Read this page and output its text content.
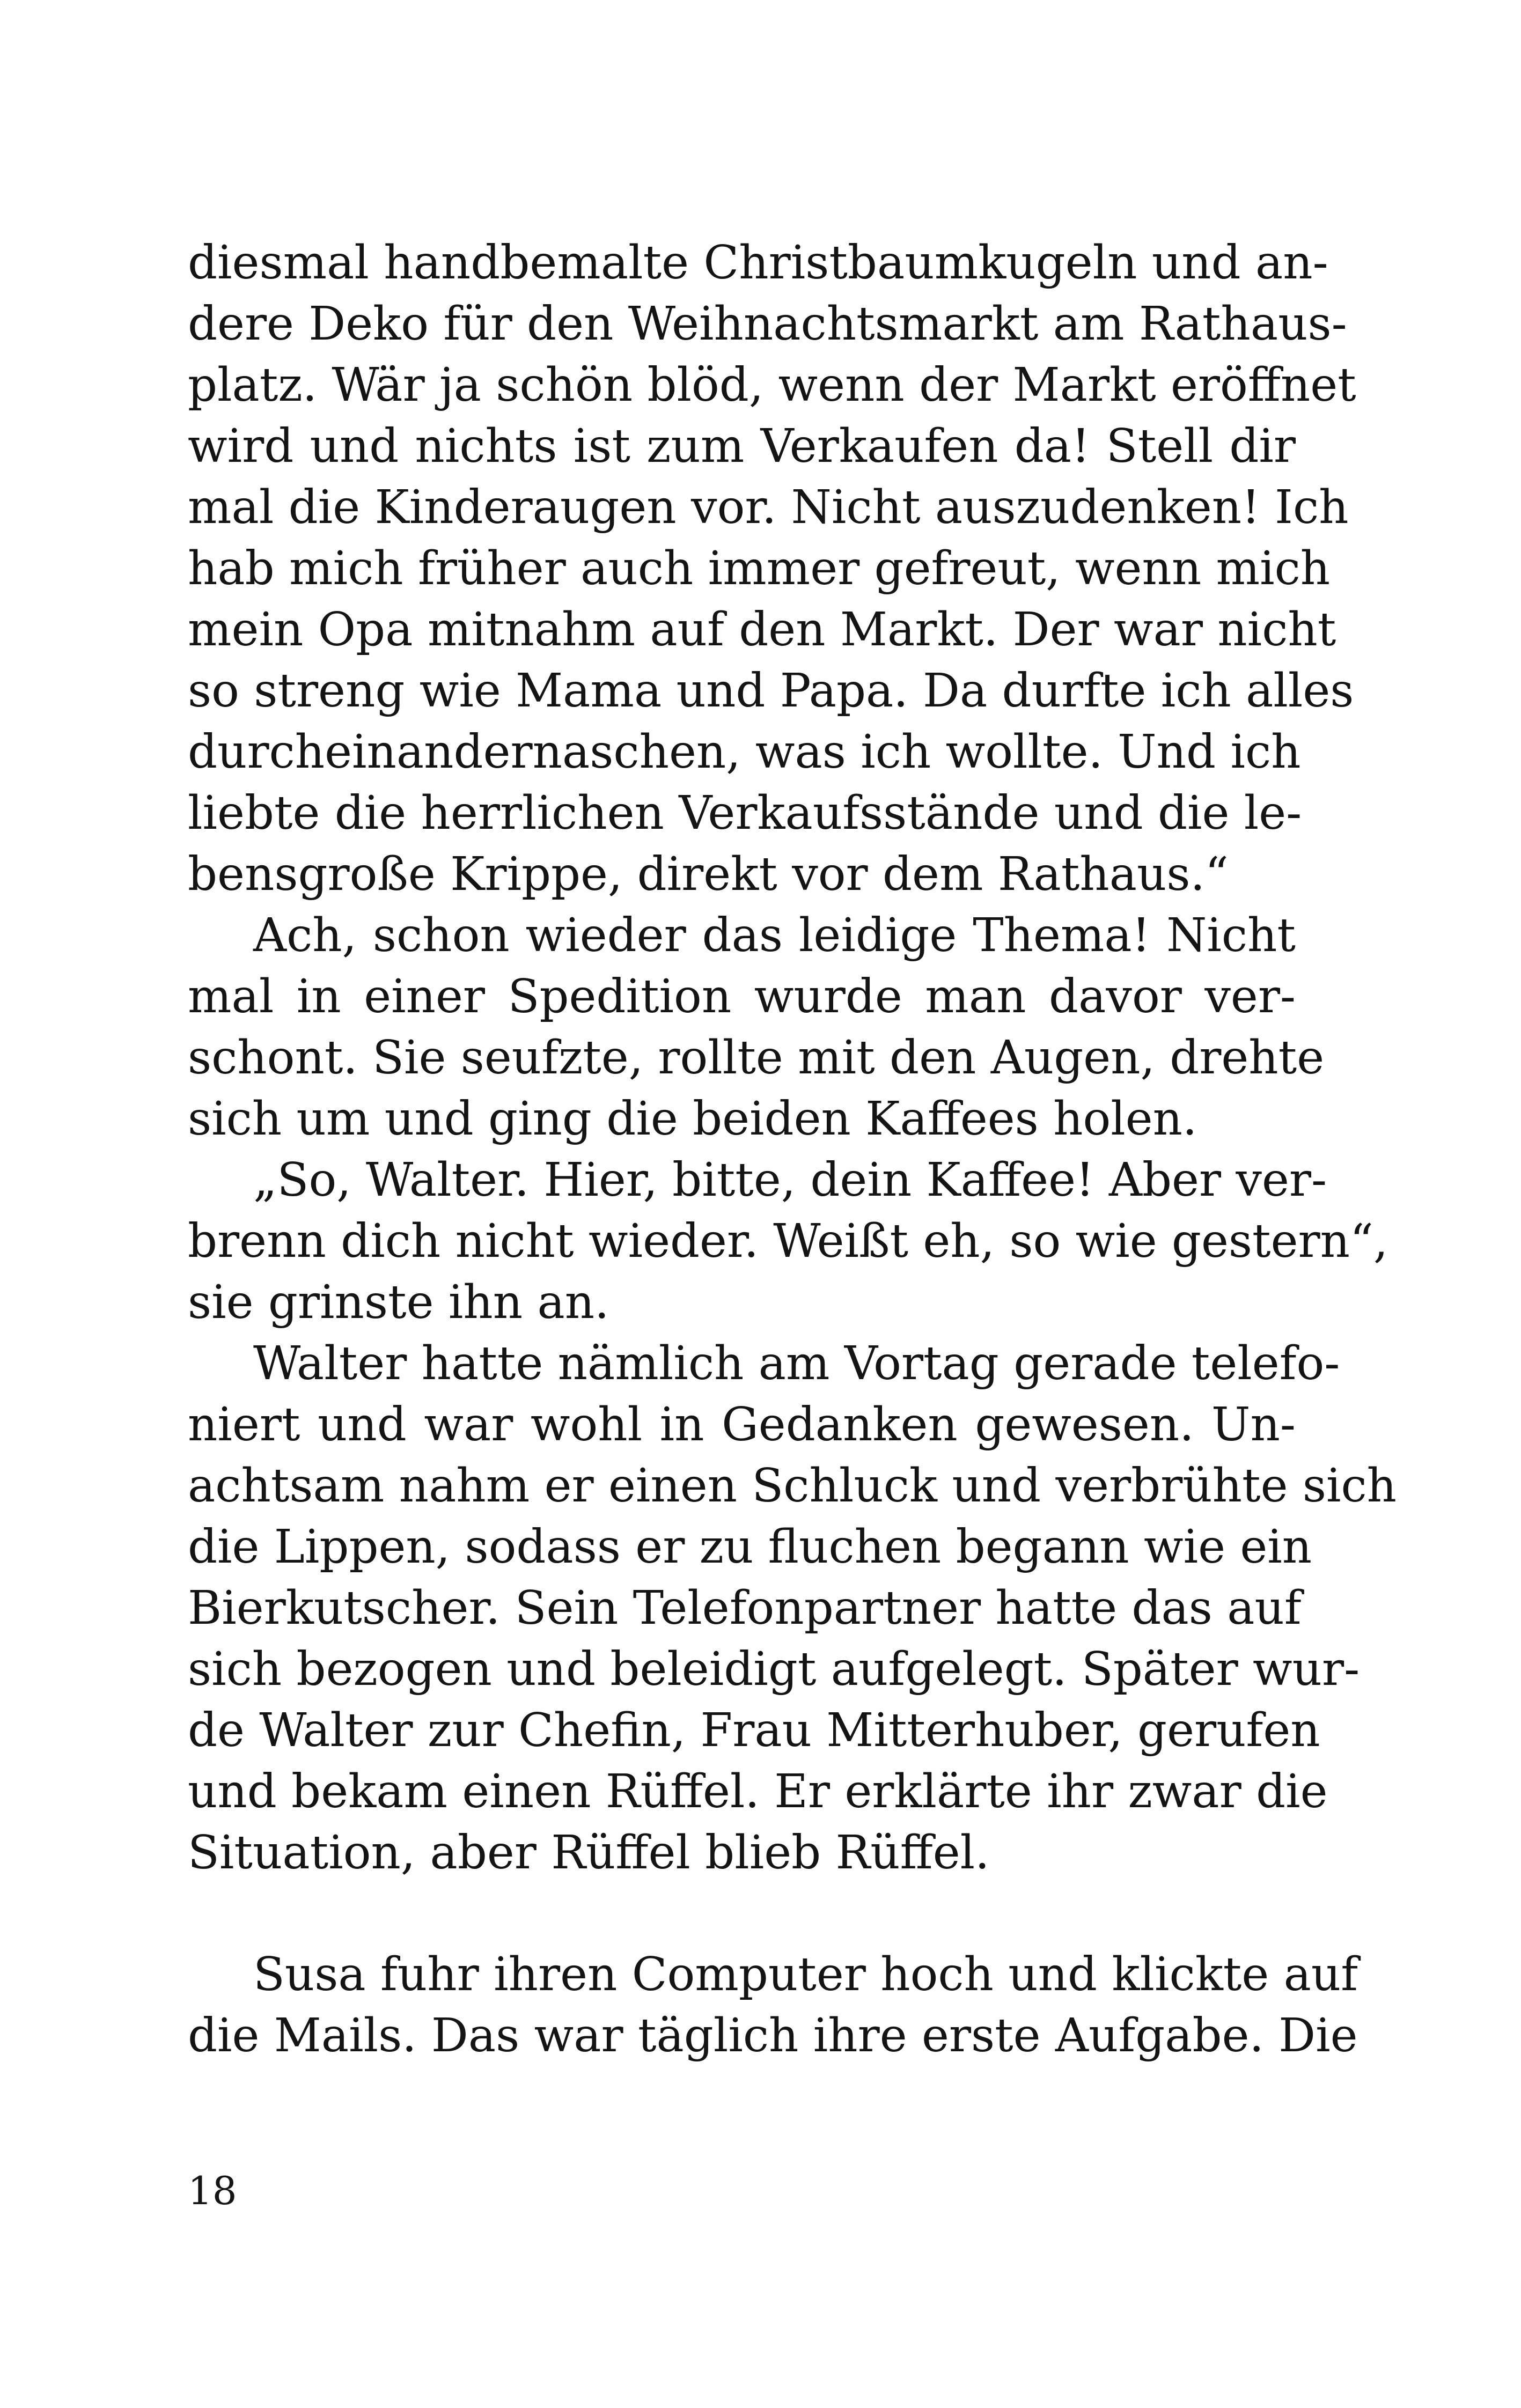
diesmal handbemalte Christbaumkugeln und an-
dere Deko für den Weihnachtsmarkt am Rathaus-
platz. Wär ja schön blöd, wenn der Markt eröffnet
wird und nichts ist zum Verkaufen da! Stell dir
mal die Kinderaugen vor. Nicht auszudenken! Ich
hab mich früher auch immer gefreut, wenn mich
mein Opa mitnahm auf den Markt. Der war nicht
so streng wie Mama und Papa. Da durfte ich alles
durcheinandernaschen, was ich wollte. Und ich
liebte die herrlichen Verkaufsstände und die le-
bensgroße Krippe, direkt vor dem Rathaus.“
Ach, schon wieder das leidige Thema! Nicht
mal in einer Spedition wurde man davor ver-
schont. Sie seufzte, rollte mit den Augen, drehte
sich um und ging die beiden Kaffees holen.
„So, Walter. Hier, bitte, dein Kaffee! Aber ver-
brenn dich nicht wieder. Weißt eh, so wie gestern“,
sie grinste ihn an.
Walter hatte nämlich am Vortag gerade telefo-
niert und war wohl in Gedanken gewesen. Un-
achtsam nahm er einen Schluck und verbrühte sich
die Lippen, sodass er zu fluchen begann wie ein
Bierkutscher. Sein Telefonpartner hatte das auf
sich bezogen und beleidigt aufgelegt. Später wur-
de Walter zur Chefin, Frau Mitterhuber, gerufen
und bekam einen Rüffel. Er erklärte ihr zwar die
Situation, aber Rüffel blieb Rüffel.
Susa fuhr ihren Computer hoch und klickte auf
die Mails. Das war täglich ihre erste Aufgabe. Die
18
